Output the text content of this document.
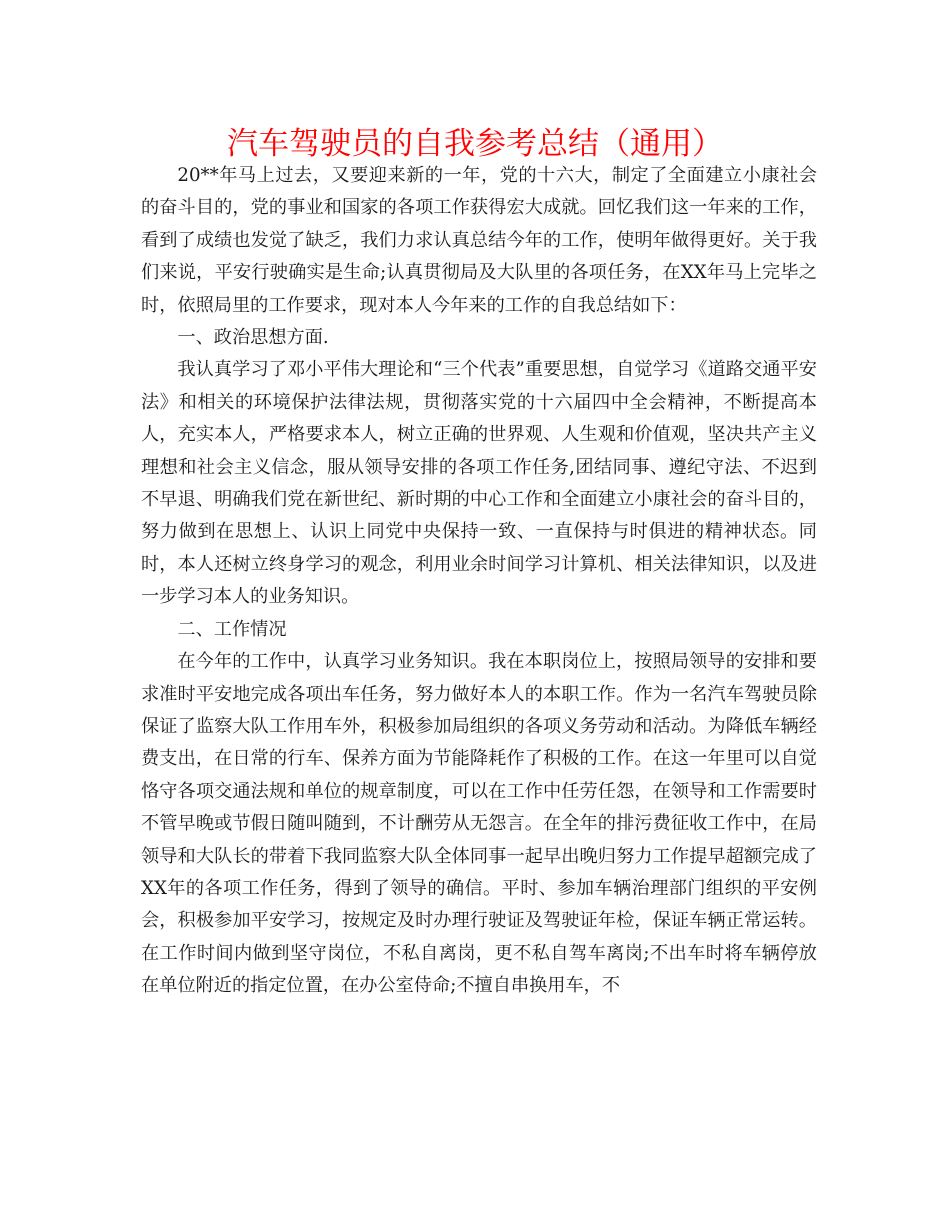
汽车驾驶员的自我参考总结（通用）

20**年马上过去，又要迎来新的一年，党的十六大，制定了全面建立小康社会的奋斗目的，党的事业和国家的各项工作获得宏大成就。回忆我们这一年来的工作，看到了成绩也发觉了缺乏，我们力求认真总结今年的工作，使明年做得更好。关于我们来说，平安行驶确实是生命;认真贯彻局及大队里的各项任务，在XX年马上完毕之时，依照局里的工作要求，现对本人今年来的工作的自我总结如下：

一、政治思想方面.

我认真学习了邓小平伟大理论和“三个代表”重要思想，自觉学习《道路交通平安法》和相关的环境保护法律法规，贯彻落实党的十六届四中全会精神，不断提高本人，充实本人，严格要求本人，树立正确的世界观、人生观和价值观，坚决共产主义理想和社会主义信念，服从领导安排的各项工作任务,团结同事、遵纪守法、不迟到不早退、明确我们党在新世纪、新时期的中心工作和全面建立小康社会的奋斗目的，努力做到在思想上、认识上同党中央保持一致、一直保持与时俱进的精神状态。同时，本人还树立终身学习的观念，利用业余时间学习计算机、相关法律知识，以及进一步学习本人的业务知识。

二、工作情况

在今年的工作中，认真学习业务知识。我在本职岗位上，按照局领导的安排和要求准时平安地完成各项出车任务，努力做好本人的本职工作。作为一名汽车驾驶员除保证了监察大队工作用车外，积极参加局组织的各项义务劳动和活动。为降低车辆经费支出，在日常的行车、保养方面为节能降耗作了积极的工作。在这一年里可以自觉恪守各项交通法规和单位的规章制度，可以在工作中任劳任怨，在领导和工作需要时不管早晚或节假日随叫随到，不计酬劳从无怨言。在全年的排污费征收工作中，在局领导和大队长的带着下我同监察大队全体同事一起早出晚归努力工作提早超额完成了XX年的各项工作任务，得到了领导的确信。平时、参加车辆治理部门组织的平安例会，积极参加平安学习，按规定及时办理行驶证及驾驶证年检，保证车辆正常运转。在工作时间内做到坚守岗位，不私自离岗，更不私自驾车离岗;不出车时将车辆停放在单位附近的指定位置，在办公室侍命;不擅自串换用车，不
